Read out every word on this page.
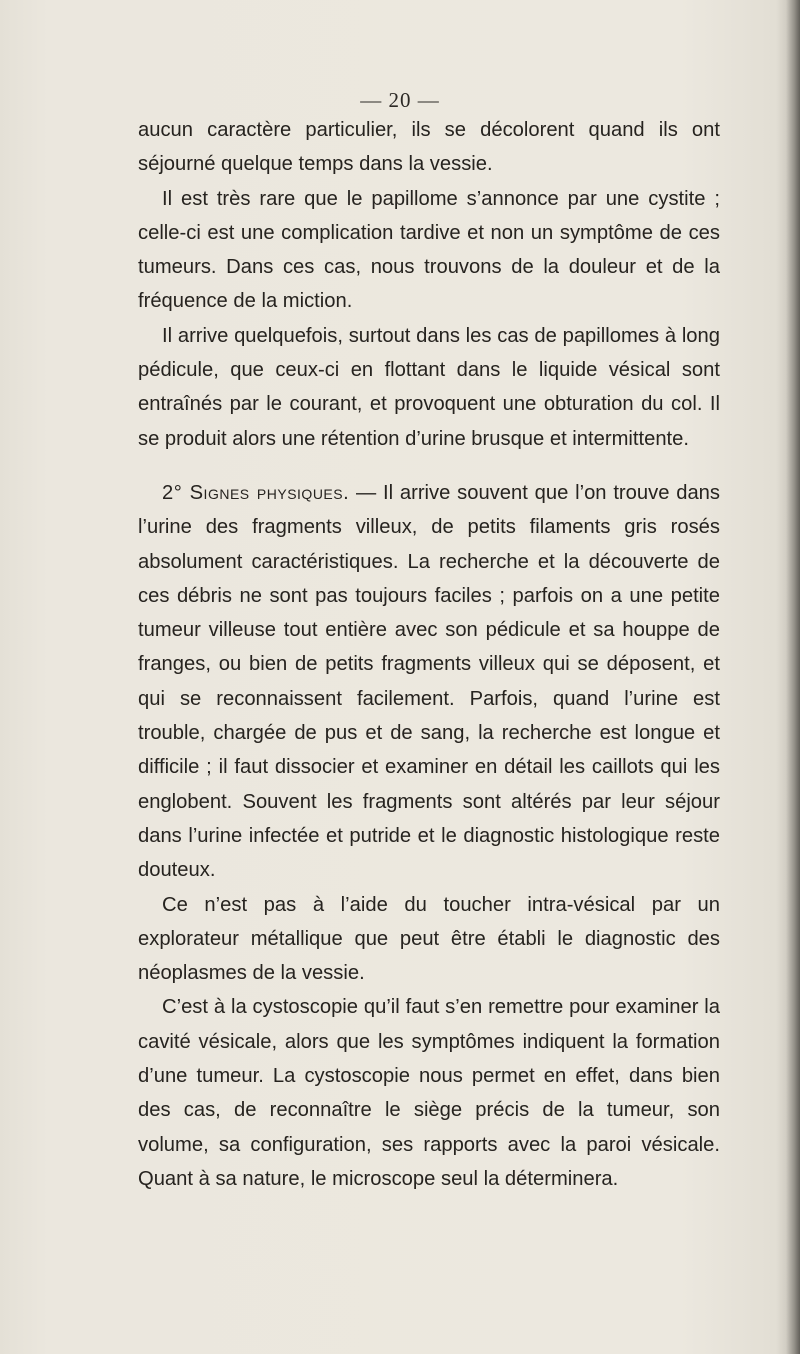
— 20 —

aucun caractère particulier, ils se décolorent quand ils ont séjourné quelque temps dans la vessie.

Il est très rare que le papillome s’annonce par une cystite ; celle-ci est une complication tardive et non un symptôme de ces tumeurs. Dans ces cas, nous trouvons de la douleur et de la fréquence de la miction.

Il arrive quelquefois, surtout dans les cas de papillomes à long pédicule, que ceux-ci en flottant dans le liquide vésical sont entraînés par le courant, et provoquent une obturation du col. Il se produit alors une rétention d’urine brusque et intermittente.

2° Signes physiques. — Il arrive souvent que l’on trouve dans l’urine des fragments villeux, de petits filaments gris rosés absolument caractéristiques. La recherche et la découverte de ces débris ne sont pas toujours faciles ; parfois on a une petite tumeur villeuse tout entière avec son pédicule et sa houppe de franges, ou bien de petits fragments villeux qui se déposent, et qui se reconnaissent facilement. Parfois, quand l’urine est trouble, chargée de pus et de sang, la recherche est longue et difficile ; il faut dissocier et examiner en détail les caillots qui les englobent. Souvent les fragments sont altérés par leur séjour dans l’urine infectée et putride et le diagnostic histologique reste douteux.

Ce n’est pas à l’aide du toucher intra-vésical par un explorateur métallique que peut être établi le diagnostic des néoplasmes de la vessie.

C’est à la cystoscopie qu’il faut s’en remettre pour examiner la cavité vésicale, alors que les symptômes indiquent la formation d’une tumeur. La cystoscopie nous permet en effet, dans bien des cas, de reconnaître le siège précis de la tumeur, son volume, sa configuration, ses rapports avec la paroi vésicale. Quant à sa nature, le microscope seul la déterminera.
